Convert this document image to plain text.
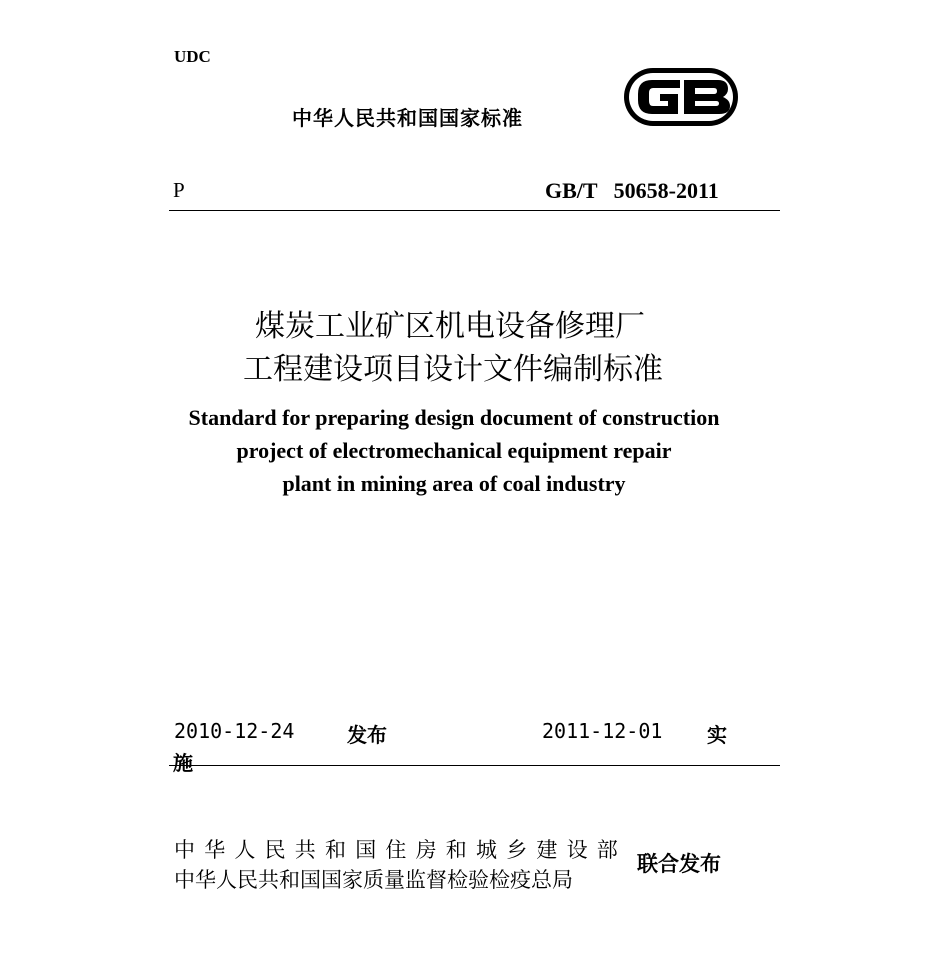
UDC
中华人民共和国国家标准
P	GB/T   50658-2011
煤炭工业矿区机电设备修理厂
工程建设项目设计文件编制标准
Standard for preparing design document of construction
project of electromechanical equipment repair
plant in mining area of coal industry
2010-12-24	发布	2011-12-01 实
施
中华人民共和国住房和城乡建设部
中华人民共和国国家质量监督检验检疫总局
联合发布
